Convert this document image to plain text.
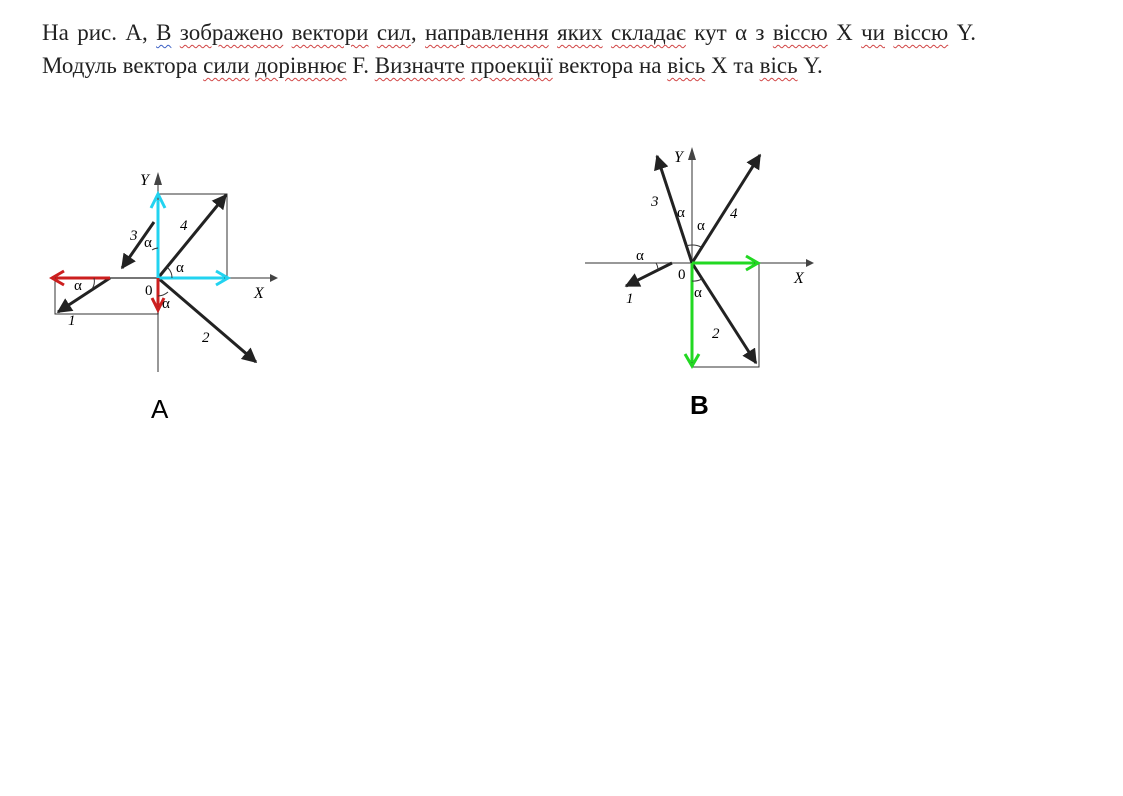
На рис. А, В зображено вектори сил, направлення яких складає кут α з віссю X чи віссю Y. Модуль вектора сили дорівнює F. Визначте проекції вектора на вісь X та вісь Y.
Y
X
0
4
3
2
1
α
α
α
α
A
Y
X
0
3
4
2
1
α
α
α
α
B
